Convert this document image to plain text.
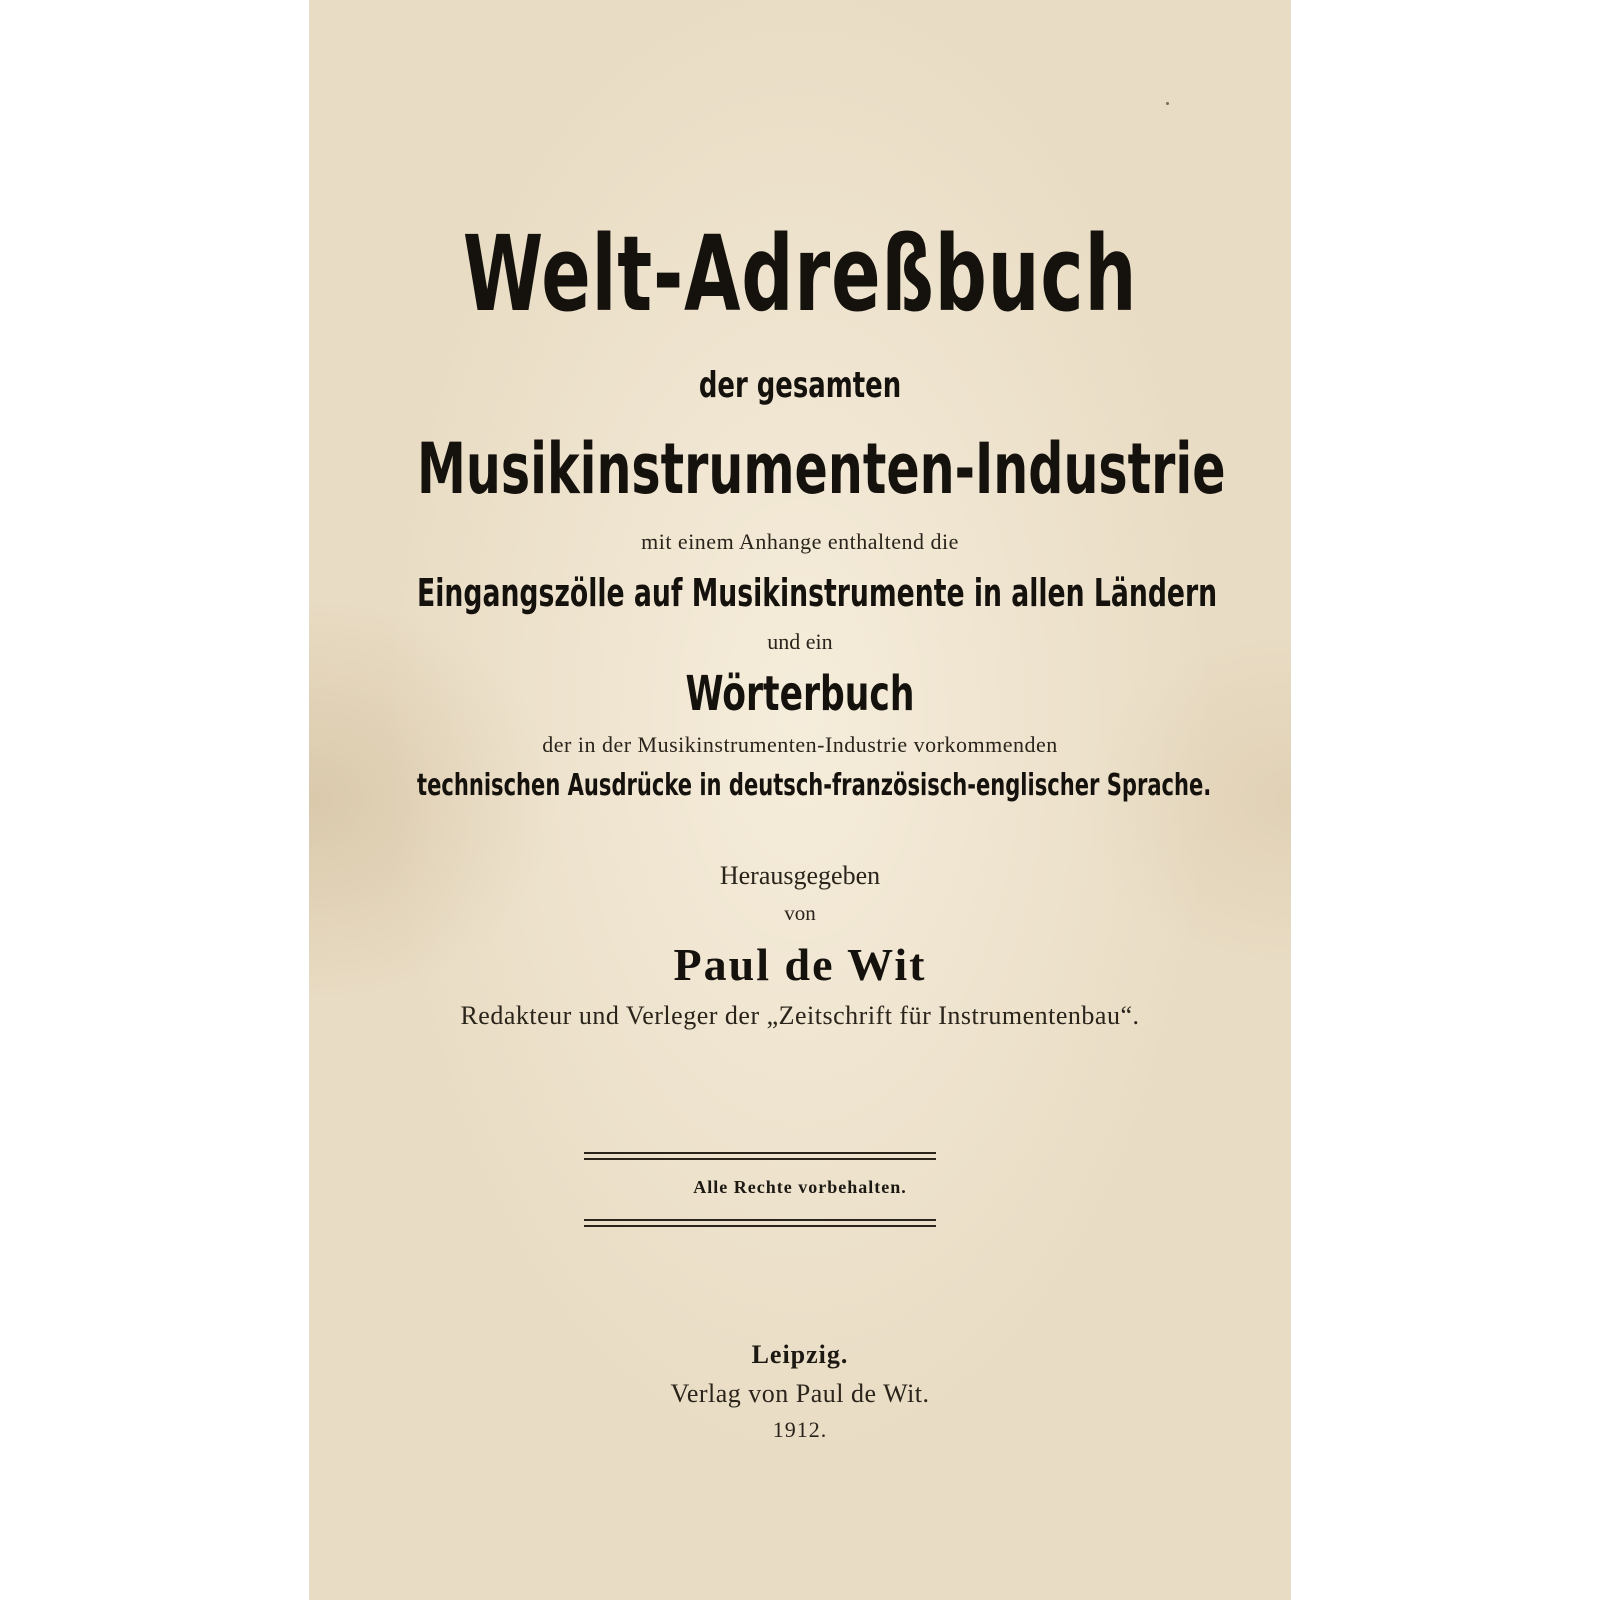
Welt-Adreßbuch
der gesamten
Musikinstrumenten-Industrie
mit einem Anhange enthaltend die
Eingangszölle auf Musikinstrumente in allen Ländern
und ein
Wörterbuch
der in der Musikinstrumenten-Industrie vorkommenden
technischen Ausdrücke in deutsch-französisch-englischer Sprache.
Herausgegeben
von
Paul de Wit
Redakteur und Verleger der „Zeitschrift für Instrumentenbau“.
Alle Rechte vorbehalten.
Leipzig.
Verlag von Paul de Wit.
1912.
